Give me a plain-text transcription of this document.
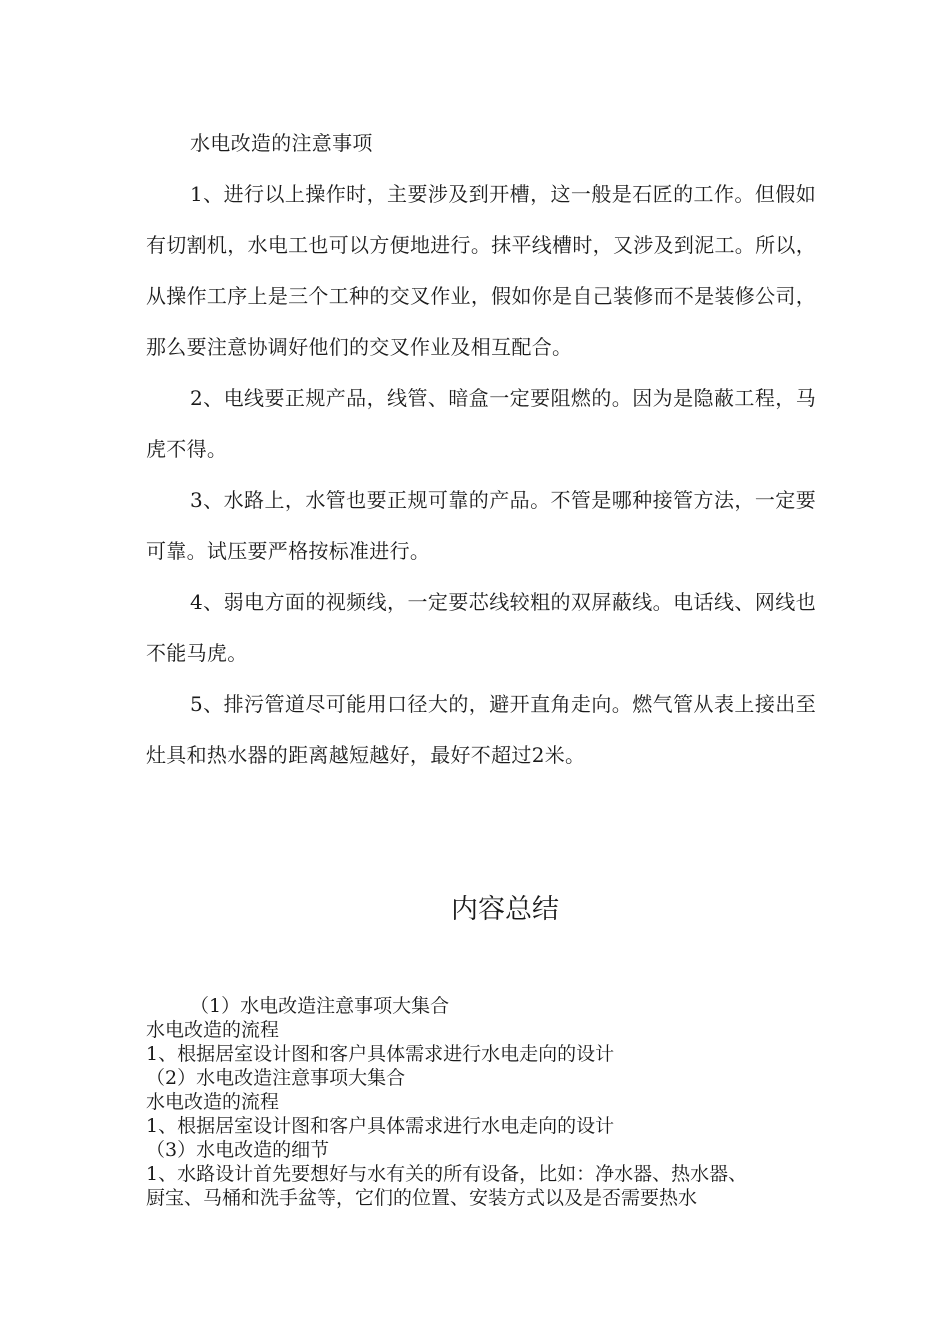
水电改造的注意事项

1、进行以上操作时，主要涉及到开槽，这一般是石匠的工作。但假如有切割机，水电工也可以方便地进行。抹平线槽时，又涉及到泥工。所以，从操作工序上是三个工种的交叉作业，假如你是自己装修而不是装修公司，那么要注意协调好他们的交叉作业及相互配合。

2、电线要正规产品，线管、暗盒一定要阻燃的。因为是隐蔽工程，马虎不得。

3、水路上，水管也要正规可靠的产品。不管是哪种接管方法，一定要可靠。试压要严格按标准进行。

4、弱电方面的视频线，一定要芯线较粗的双屏蔽线。电话线、网线也不能马虎。

5、排污管道尽可能用口径大的，避开直角走向。燃气管从表上接出至灶具和热水器的距离越短越好，最好不超过2米。

内容总结

（1）水电改造注意事项大集合

水电改造的流程

1、根据居室设计图和客户具体需求进行水电走向的设计

（2）水电改造注意事项大集合

水电改造的流程

1、根据居室设计图和客户具体需求进行水电走向的设计

（3）水电改造的细节

1、水路设计首先要想好与水有关的所有设备，比如：净水器、热水器、

厨宝、马桶和洗手盆等，它们的位置、安装方式以及是否需要热水
